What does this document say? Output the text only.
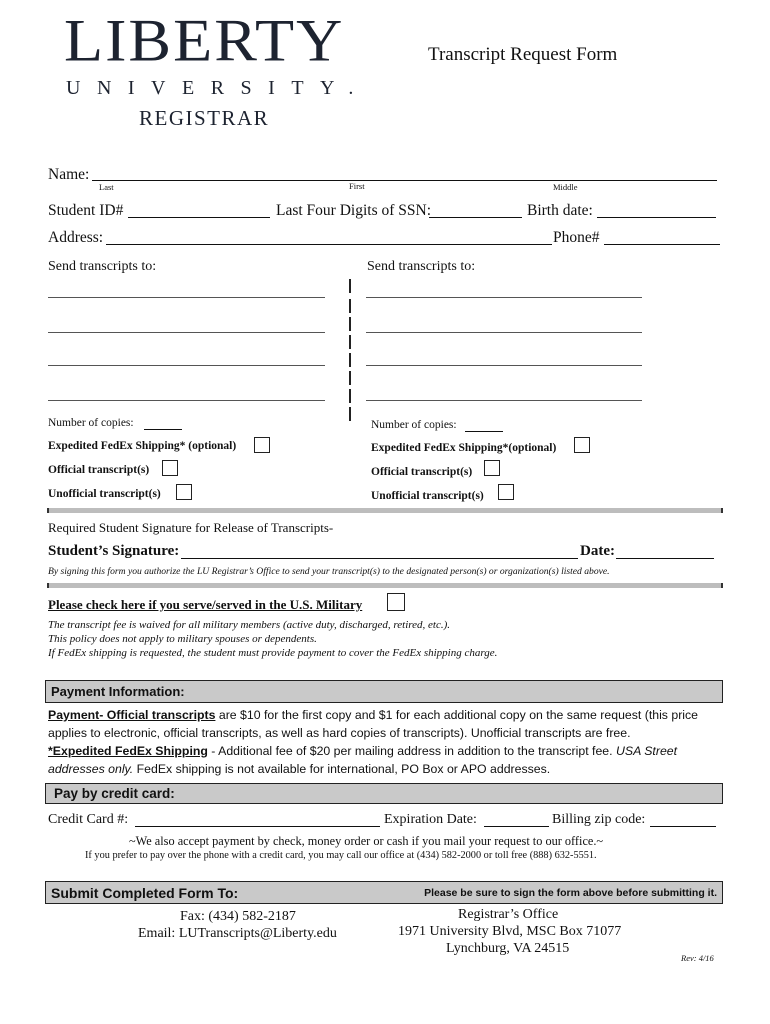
LIBERTY
UNIVERSITY.
REGISTRAR
Transcript Request Form
Name:
Last	First	Middle
Student ID#	Last Four Digits of SSN:	Birth date:
Address:	Phone#
Send transcripts to:	Send transcripts to:
Number of copies:
Expedited FedEx Shipping* (optional)
Official transcript(s)
Unofficial transcript(s)
Number of copies:
Expedited FedEx Shipping*(optional)
Official transcript(s)
Unofficial transcript(s)
Required Student Signature for Release of Transcripts-
Student’s Signature:	Date:
By signing this form you authorize the LU Registrar’s Office to send your transcript(s) to the designated person(s) or organization(s) listed above.
Please check here if you serve/served in the U.S. Military
The transcript fee is waived for all military members (active duty, discharged, retired, etc.).
This policy does not apply to military spouses or dependents.
If FedEx shipping is requested, the student must provide payment to cover the FedEx shipping charge.
Payment Information:
Payment- Official transcripts are $10 for the first copy and $1 for each additional copy on the same request (this price
applies to electronic, official transcripts, as well as hard copies of transcripts). Unofficial transcripts are free.
*Expedited FedEx Shipping - Additional fee of $20 per mailing address in addition to the transcript fee. USA Street
addresses only. FedEx shipping is not available for international, PO Box or APO addresses.
Pay by credit card:
Credit Card #:	Expiration Date:	Billing zip code:
~We also accept payment by check, money order or cash if you mail your request to our office.~
If you prefer to pay over the phone with a credit card, you may call our office at (434) 582-2000 or toll free (888) 632-5551.
Submit Completed Form To:	Please be sure to sign the form above before submitting it.
Fax: (434) 582-2187
Email: LUTranscripts@Liberty.edu
Registrar’s Office
1971 University Blvd, MSC Box 71077
Lynchburg, VA 24515
Rev: 4/16
